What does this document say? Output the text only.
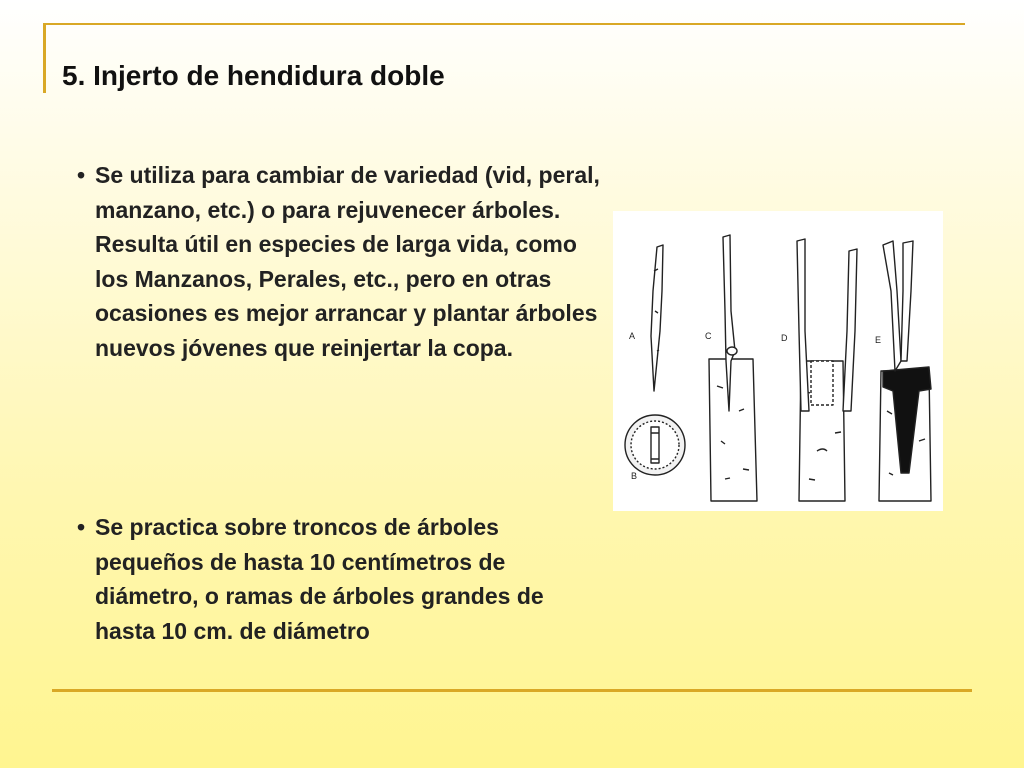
5. Injerto de hendidura doble
• Se utiliza para cambiar de variedad (vid, peral, manzano, etc.) o para rejuvenecer árboles. Resulta útil en especies de larga vida, como los Manzanos, Perales, etc., pero en otras ocasiones es mejor arrancar y plantar árboles nuevos jóvenes que reinjertar la copa.
• Se practica sobre troncos de árboles pequeños de hasta 10 centímetros de diámetro, o ramas de árboles grandes de hasta 10 cm. de diámetro
A
B
C	D	E
